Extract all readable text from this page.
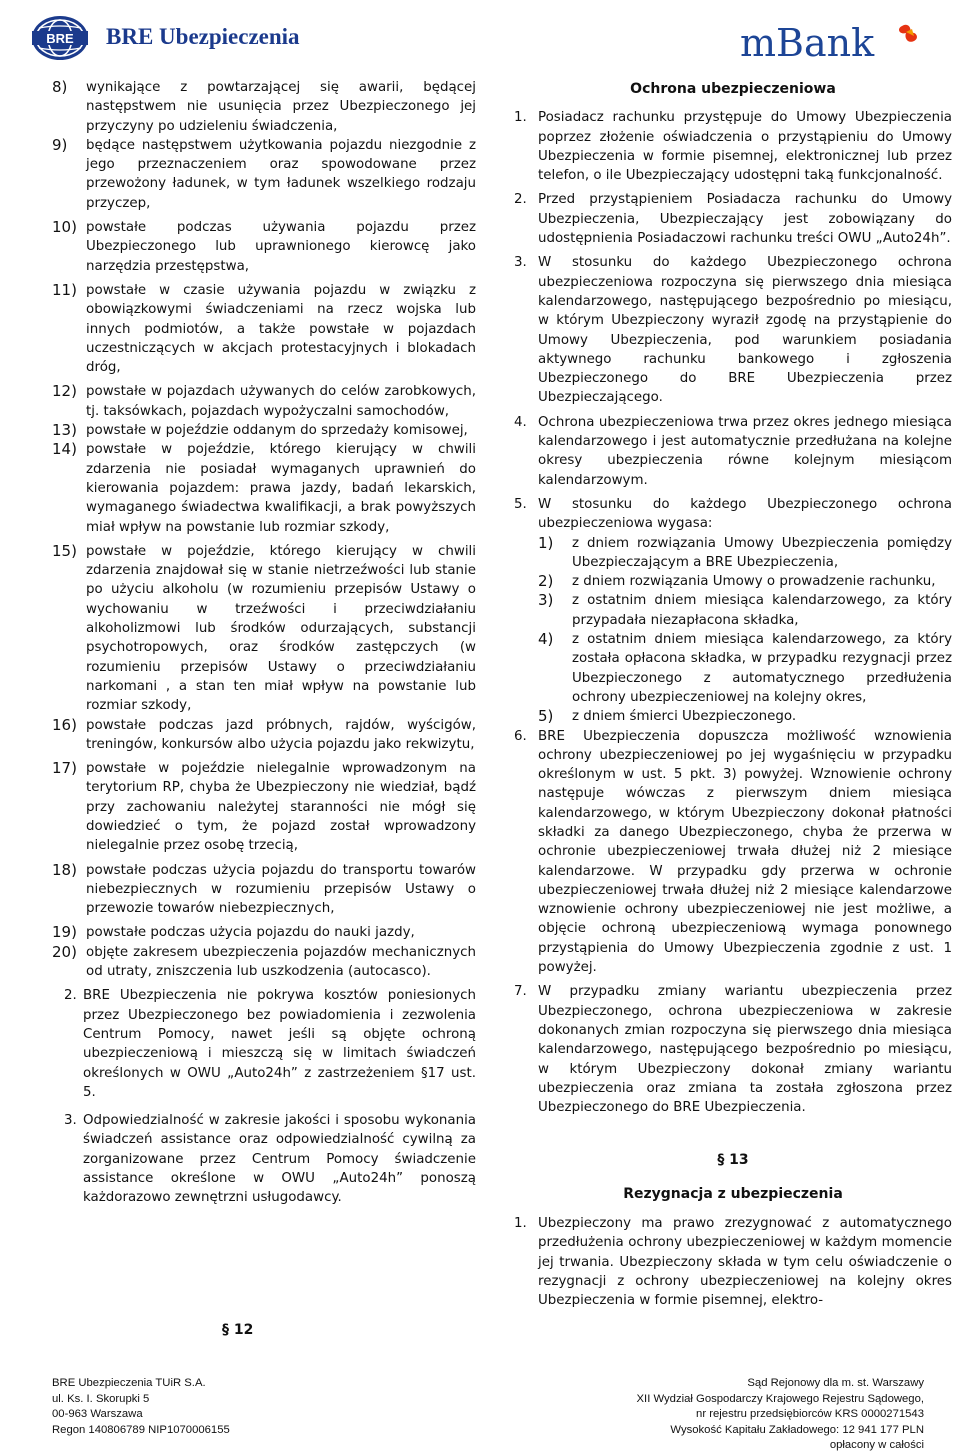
BRE BRE Ubezpieczenia	mBank
8)	wynikające z powtarzającej się awarii, będącej następstwem nie usunięcia przez Ubezpieczonego jej przyczyny po udzieleniu świadczenia,
9)	będące następstwem użytkowania pojazdu niezgodnie z jego przeznaczeniem oraz spowodowane przez przewożony ładunek, w tym ładunek wszelkiego rodzaju przyczep,
10) powstałe podczas używania pojazdu przez Ubezpieczonego lub uprawnionego kierowcę jako narzędzia przestępstwa,
11) powstałe w czasie używania pojazdu w związku z obowiązkowymi świadczeniami na rzecz wojska lub innych podmiotów, a także powstałe w pojazdach uczestniczących w akcjach protestacyjnych i blokadach dróg,
12) powstałe w pojazdach używanych do celów zarobkowych, tj. taksówkach, pojazdach wypożyczalni samochodów,
13) powstałe w pojeździe oddanym do sprzedaży komisowej,
14) powstałe w pojeździe, którego kierujący w chwili zdarzenia nie posiadał wymaganych uprawnień do kierowania pojazdem: prawa jazdy, badań lekarskich, wymaganego świadectwa kwalifikacji, a brak powyższych miał wpływ na powstanie lub rozmiar szkody,
15) powstałe w pojeździe, którego kierujący w chwili zdarzenia znajdował się w stanie nietrzeźwości lub stanie po użyciu alkoholu (w rozumieniu przepisów Ustawy o wychowaniu w trzeźwości i przeciwdziałaniu alkoholizmowi lub środków odurzających, substancji psychotropowych, oraz środków zastępczych (w rozumieniu przepisów Ustawy o przeciwdziałaniu narkomani , a stan ten miał wpływ na powstanie lub rozmiar szkody,
16) powstałe podczas jazd próbnych, rajdów, wyścigów, treningów, konkursów albo użycia pojazdu jako rekwizytu,
17) powstałe w pojeździe nielegalnie wprowadzonym na terytorium RP, chyba że Ubezpieczony nie wiedział, bądź przy zachowaniu należytej staranności nie mógł się dowiedzieć o tym, że pojazd został wprowadzony nielegalnie przez osobę trzecią,
18) powstałe podczas użycia pojazdu do transportu towarów niebezpiecznych w rozumieniu przepisów Ustawy o przewozie towarów niebezpiecznych,
19) powstałe podczas użycia pojazdu do nauki jazdy,
20) objęte zakresem ubezpieczenia pojazdów mechanicznych od utraty, zniszczenia lub uszkodzenia (autocasco).
2. BRE Ubezpieczenia nie pokrywa kosztów poniesionych przez Ubezpieczonego bez powiadomienia i zezwolenia Centrum Pomocy, nawet jeśli są objęte ochroną ubezpieczeniową i mieszczą się w limitach świadczeń określonych w OWU „Auto24h” z zastrzeżeniem §17 ust. 5.
3. Odpowiedzialność w zakresie jakości i sposobu wykonania świadczeń assistance oraz odpowiedzialność cywilną za zorganizowane przez Centrum Pomocy świadczenie assistance określone w OWU „Auto24h” ponoszą każdorazowo zewnętrzni usługodawcy.
§ 12
Ochrona ubezpieczeniowa
1. Posiadacz rachunku przystępuje do Umowy Ubezpieczenia poprzez złożenie oświadczenia o przystąpieniu do Umowy Ubezpieczenia w formie pisemnej, elektronicznej lub przez telefon, o ile Ubezpieczający udostępni taką funkcjonalność.
2. Przed przystąpieniem Posiadacza rachunku do Umowy Ubezpieczenia, Ubezpieczający jest zobowiązany do udostępnienia Posiadaczowi rachunku treści OWU „Auto24h”.
3. W stosunku do każdego Ubezpieczonego ochrona ubezpieczeniowa rozpoczyna się pierwszego dnia miesiąca kalendarzowego, następującego bezpośrednio po miesiącu, w którym Ubezpieczony wyraził zgodę na przystąpienie do Umowy Ubezpieczenia, pod warunkiem posiadania aktywnego rachunku bankowego i zgłoszenia Ubezpieczonego do BRE Ubezpieczenia przez Ubezpieczającego.
4. Ochrona ubezpieczeniowa trwa przez okres jednego miesiąca kalendarzowego i jest automatycznie przedłużana na kolejne okresy ubezpieczenia równe kolejnym miesiącom kalendarzowym.
5. W stosunku do każdego Ubezpieczonego ochrona ubezpieczeniowa wygasa:
1)	z dniem rozwiązania Umowy Ubezpieczenia pomiędzy Ubezpieczającym a BRE Ubezpieczenia,
2)	z dniem rozwiązania Umowy o prowadzenie rachunku,
3)	z ostatnim dniem miesiąca kalendarzowego, za który przypadała niezapłacona składka,
4)	z ostatnim dniem miesiąca kalendarzowego, za który została opłacona składka, w przypadku rezygnacji przez Ubezpieczonego z automatycznego przedłużenia ochrony ubezpieczeniowej na kolejny okres,
5)	z dniem śmierci Ubezpieczonego.
6. BRE Ubezpieczenia dopuszcza możliwość wznowienia ochrony ubezpieczeniowej po jej wygaśnięciu w przypadku określonym w ust. 5 pkt. 3) powyżej. Wznowienie ochrony następuje wówczas z pierwszym dniem miesiąca kalendarzowego, w którym Ubezpieczony dokonał płatności składki za danego Ubezpieczonego, chyba że przerwa w ochronie ubezpieczeniowej trwała dłużej niż 2 miesiące kalendarzowe. W przypadku gdy przerwa w ochronie ubezpieczeniowej trwała dłużej niż 2 miesiące kalendarzowe wznowienie ochrony ubezpieczeniowej nie jest możliwe, a objęcie ochroną ubezpieczeniową wymaga ponownego przystąpienia do Umowy Ubezpieczenia zgodnie z ust. 1 powyżej.
7. W przypadku zmiany wariantu ubezpieczenia przez Ubezpieczonego, ochrona ubezpieczeniowa w zakresie dokonanych zmian rozpoczyna się pierwszego dnia miesiąca kalendarzowego, następującego bezpośrednio po miesiącu, w którym Ubezpieczony dokonał zmiany wariantu ubezpieczenia oraz zmiana ta została zgłoszona przez Ubezpieczonego do BRE Ubezpieczenia.
§ 13
Rezygnacja z ubezpieczenia
1. Ubezpieczony ma prawo zrezygnować z automatycznego przedłużenia ochrony ubezpieczeniowej w każdym momencie jej trwania. Ubezpieczony składa w tym celu oświadczenie o rezygnacji z ochrony ubezpieczeniowej na kolejny okres Ubezpieczenia w formie pisemnej, elektro-
BRE Ubezpieczenia TUiR S.A.
ul. Ks. I. Skorupki 5
00-963 Warszawa
Regon 140806789 NIP1070006155
Sąd Rejonowy dla m. st. Warszawy
XII Wydział Gospodarczy Krajowego Rejestru Sądowego,
nr rejestru przedsiębiorców KRS 0000271543
Wysokość Kapitału Zakładowego: 12 941 177 PLN
opłacony w całości
